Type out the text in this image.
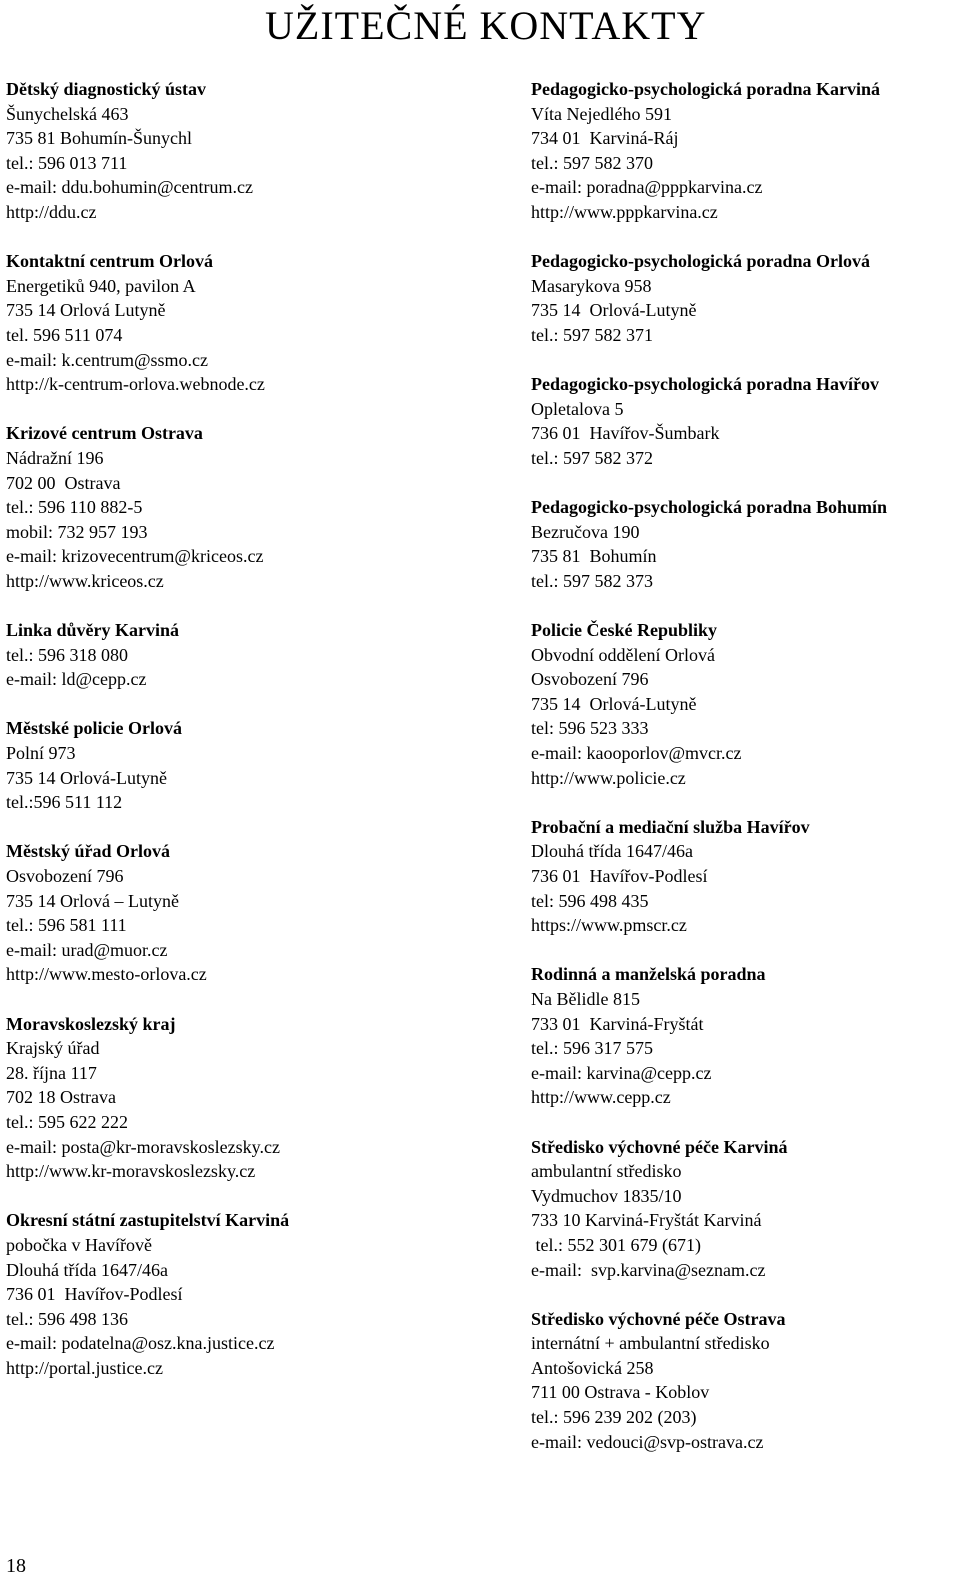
UŽITEČNÉ KONTAKTY
Dětský diagnostický ústav
Šunychelská 463
735 81 Bohumín-Šunychl
tel.: 596 013 711
e-mail: ddu.bohumin@centrum.cz
http://ddu.cz
Kontaktní centrum Orlová
Energetiků 940, pavilon A
735 14 Orlová Lutyně
tel. 596 511 074
e-mail: k.centrum@ssmo.cz
http://k-centrum-orlova.webnode.cz
Krizové centrum Ostrava
Nádražní 196
702 00  Ostrava
tel.: 596 110 882-5
mobil: 732 957 193
e-mail: krizovecentrum@kriceos.cz
http://www.kriceos.cz
Linka důvěry Karviná
tel.: 596 318 080
e-mail: ld@cepp.cz
Městské policie Orlová
Polní 973
735 14 Orlová-Lutyně
tel.:596 511 112
Městský úřad Orlová
Osvobození 796
735 14 Orlová – Lutyně
tel.: 596 581 111
e-mail: urad@muor.cz
http://www.mesto-orlova.cz
Moravskoslezský kraj
Krajský úřad
28. října 117
702 18 Ostrava
tel.: 595 622 222
e-mail: posta@kr-moravskoslezsky.cz
http://www.kr-moravskoslezsky.cz
Okresní státní zastupitelství Karviná
pobočka v Havířově
Dlouhá třída 1647/46a
736 01  Havířov-Podlesí
tel.: 596 498 136
e-mail: podatelna@osz.kna.justice.cz
http://portal.justice.cz
Pedagogicko-psychologická poradna Karviná
Víta Nejedlého 591
734 01  Karviná-Ráj
tel.: 597 582 370
e-mail: poradna@pppkarvina.cz
http://www.pppkarvina.cz
Pedagogicko-psychologická poradna Orlová
Masarykova 958
735 14  Orlová-Lutyně
tel.: 597 582 371
Pedagogicko-psychologická poradna Havířov
Opletalova 5
736 01  Havířov-Šumbark
tel.: 597 582 372
Pedagogicko-psychologická poradna Bohumín
Bezručova 190
735 81  Bohumín
tel.: 597 582 373
Policie České Republiky
Obvodní oddělení Orlová
Osvobození 796
735 14  Orlová-Lutyně
tel: 596 523 333
e-mail: kaooporlov@mvcr.cz
http://www.policie.cz
Probační a mediační služba Havířov
Dlouhá třída 1647/46a
736 01  Havířov-Podlesí
tel: 596 498 435
https://www.pmscr.cz
Rodinná a manželská poradna
Na Bělidle 815
733 01  Karviná-Fryštát
tel.: 596 317 575
e-mail: karvina@cepp.cz
http://www.cepp.cz
Středisko výchovné péče Karviná
ambulantní středisko
Vydmuchov 1835/10
733 10 Karviná-Fryštát Karviná
tel.: 552 301 679 (671)
e-mail:  svp.karvina@seznam.cz
Středisko výchovné péče Ostrava
internátní + ambulantní středisko
Antošovická 258
711 00 Ostrava - Koblov
tel.: 596 239 202 (203)
e-mail: vedouci@svp-ostrava.cz
18
